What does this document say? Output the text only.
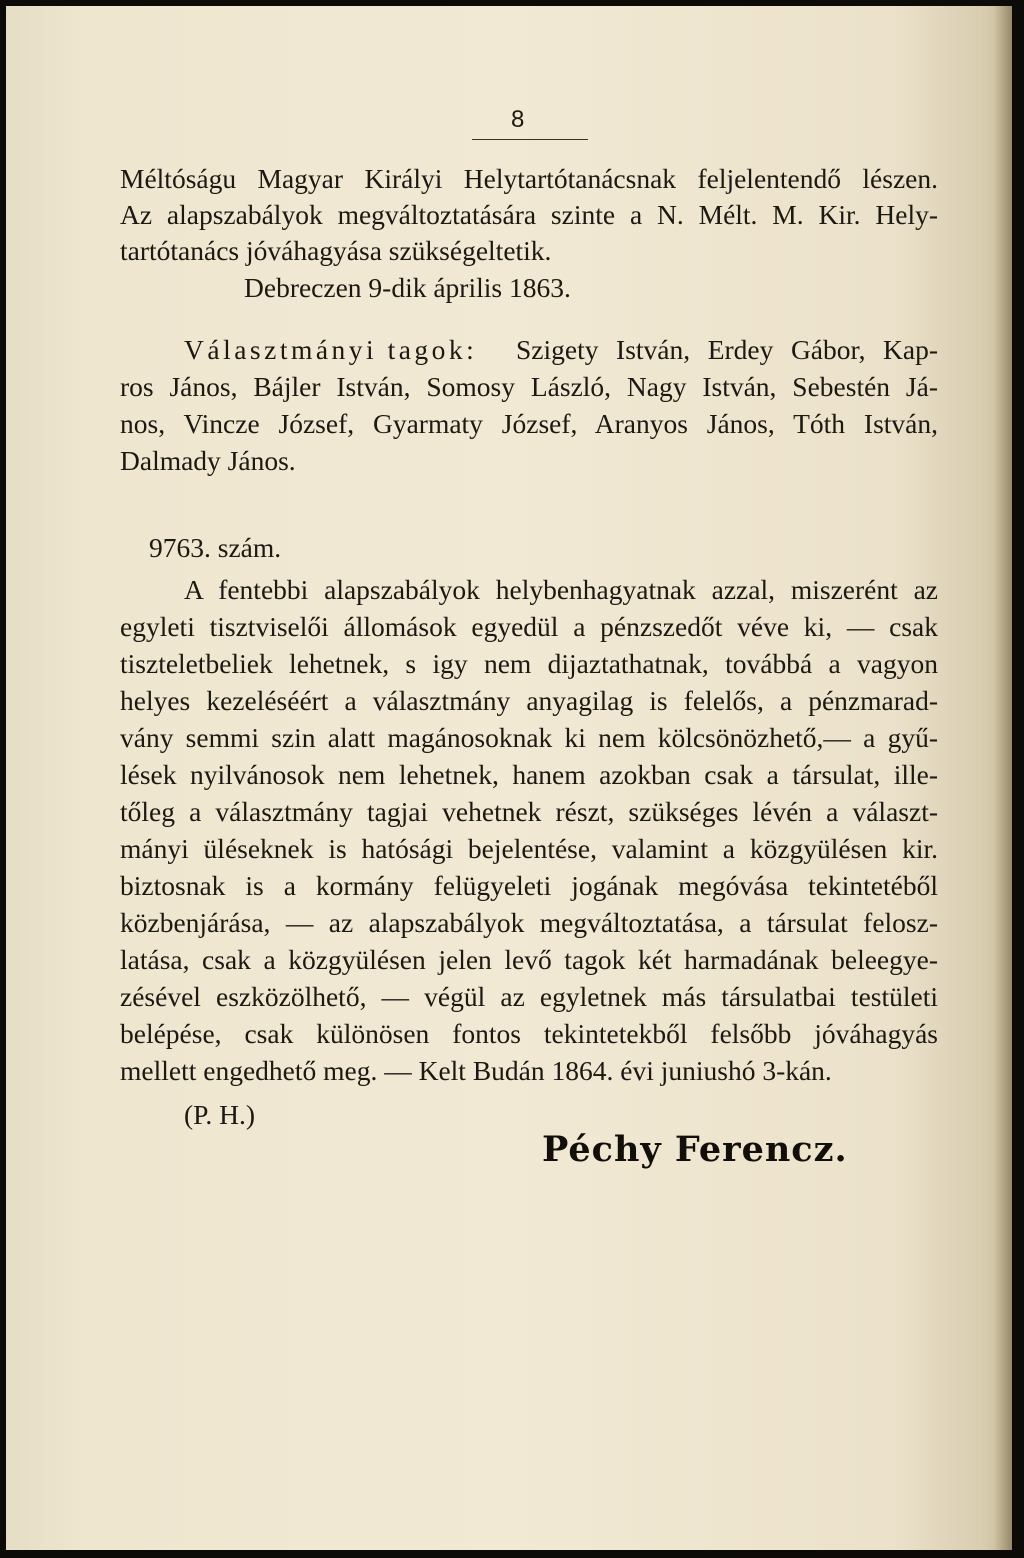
8
Méltóságu Magyar Királyi Helytartótanácsnak feljelentendő lészen.
Az alapszabályok megváltoztatására szinte a N. Mélt. M. Kir. Hely-
tartótanács jóváhagyása szükségeltetik.
Debreczen 9-dik április 1863.
Választmányi tagok: Szigety István, Erdey Gábor, Kap-
ros János, Bájler István, Somosy László, Nagy István, Sebestén Já-
nos, Vincze József, Gyarmaty József, Aranyos János, Tóth István,
Dalmady János.
9763. szám.
A fentebbi alapszabályok helybenhagyatnak azzal, miszerént az
egyleti tisztviselői állomások egyedül a pénzszedőt véve ki, — csak
tiszteletbeliek lehetnek, s igy nem dijaztathatnak, továbbá a vagyon
helyes kezeléséért a választmány anyagilag is felelős, a pénzmarad-
vány semmi szin alatt magánosoknak ki nem kölcsönözhető,— a gyű-
lések nyilvánosok nem lehetnek, hanem azokban csak a társulat, ille-
tőleg a választmány tagjai vehetnek részt, szükséges lévén a választ-
mányi üléseknek is hatósági bejelentése, valamint a közgyülésen kir.
biztosnak is a kormány felügyeleti jogának megóvása tekintetéből
közbenjárása, — az alapszabályok megváltoztatása, a társulat felosz-
latása, csak a közgyülésen jelen levő tagok két harmadának beleegye-
zésével eszközölhető, — végül az egyletnek más társulatbai testületi
belépése, csak különösen fontos tekintetekből felsőbb jóváhagyás
mellett engedhető meg. — Kelt Budán 1864. évi juniushó 3-kán.
(P. H.)
Péchy Ferencz.
